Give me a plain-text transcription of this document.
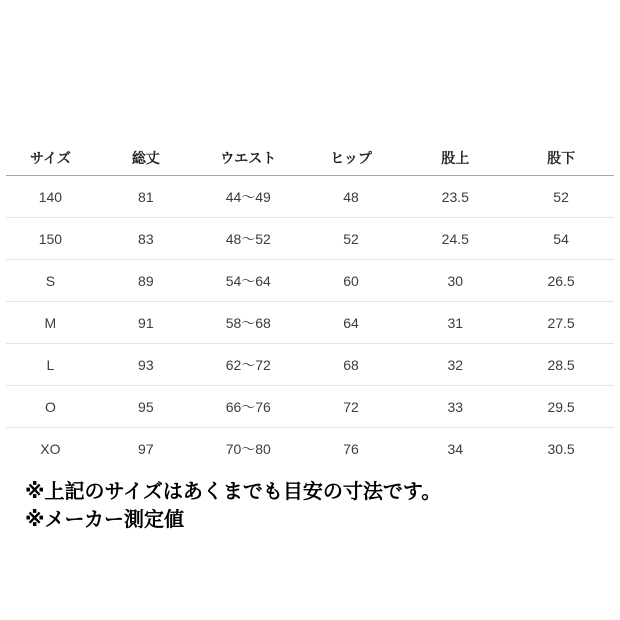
サイズ	総丈	ウエスト	ヒップ	股上	股下
140	81	44〜49	48	23.5	52
150	83	48〜52	52	24.5	54
S	89	54〜64	60	30	26.5
M	91	58〜68	64	31	27.5
L	93	62〜72	68	32	28.5
O	95	66〜76	72	33	29.5
XO	97	70〜80	76	34	30.5

※上記のサイズはあくまでも目安の寸法です。

※メーカー測定値
